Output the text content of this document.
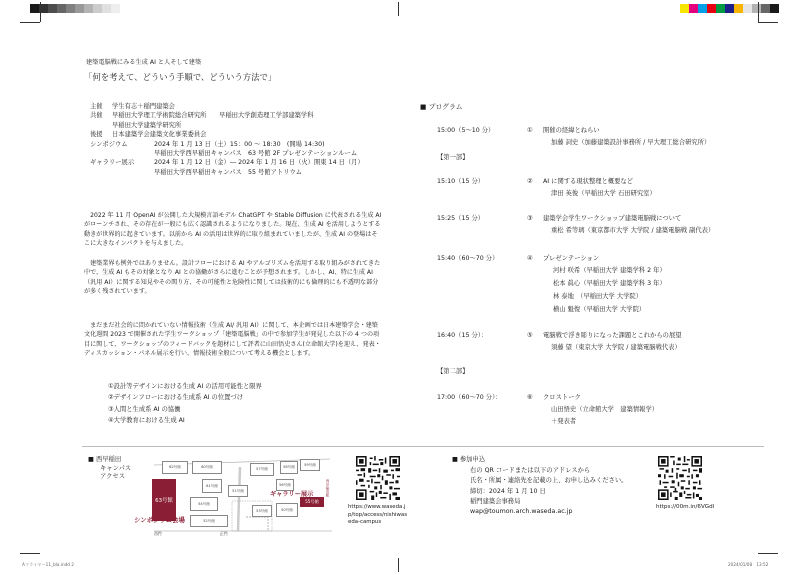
建築電脳戦にみる生成 AI と人そして建築
「何を考えて、どういう手順で、どういう方法で」
主催 学生有志＋稲門建築会
共催 早稲田大学理工学術院総合研究所　　早稲田大学創造理工学部建築学科
早稲田大学建築学研究所
後援 日本建築学会建築文化事業委員会
シンポジウム	2024 年 1 月 13 日（土）15：00 ～ 18:30　(開場 14:30)
早稲田大学西早稲田キャンパス　63 号館 2F プレゼンテーションルーム
ギャラリー展示	2024 年 1 月 12 日（金）― 2024 年 1 月 16 日（火）開東 14 日（月）
早稲田大学西早稲田キャンパス　55 号館アトリウム
　2022 年 11 月 OpenAI が公開した大規模言語モデル ChatGPT や Stable Diffusion に代表される生成 AI がローンチされ、その存在が一般にも広く認識されるようになりました。現在、生成 AI を活用しようとする動きが世界的に起きています。以前から AI の活用は世界的に取り組まれていましたが、生成 AI の登場はそこに大きなインパクトを与えました。
　建築業界も例外ではありません。設計フローにおける AI やアルゴリズムを活用する取り組みがされてきた中で、生成 AI もその対象となり AI との協働がさらに進むことが予想されます。しかし、AI、特に生成 AI（汎用 AI）に関する知見やその関り方、その可能性と危険性に関しては技術的にも倫理的にも不透明な部分が多く残されています。
　まだまだ社会的に問かれていない情報技術（生成 AI/ 汎用 AI）に関して、本企画では日本建築学会・建築文化週間 2023 で開催された学生ワークショップ「建築電脳戦」の中で参加学生が発見した以下の 4 つの項目に関して、ワークショップのフィードバックを題材にして評者に山田悟史さん(立命館大学)を迎え、発表・ディスカッション・パネル展示を行い、情報技術全般について考える機会とします。
①設計等デザインにおける生成 AI の活用可能性と限界
②デザインフローにおける生成系 AI の位置づけ
③人間と生成系 AI の協働
④大学教育における生成 AI
■ プログラム
15:00（5～10 分）	① 開催の経緯とねらい
加藤 詞史（加藤建築設計事務所 / 早大理工総合研究所）
【第一部】
15:10（15 分）	② AI に関する現状整理と概要など
津田 英俊（早稲田大学 石田研究室）
15:25（15 分）	③ 建築学会学生ワークショップ建築電脳戦について
重松 希等璃（東京都市大学 大学院 / 建築電脳戦 副代表）
15:40（60～70 分）	④ プレゼンテーション
河村 咲希（早稲田大学 建築学科 2 年）
松本 眞心（早稲田大学 建築学科 3 年）
林 泰地　（早稲田大学 大学院）
横山 魁復（早稲田大学 大学院）
16:40（15 分）：	⑤ 電脳戦で浮き彫りになった課題とこれからの展望
須藤 望（東京大学 大学院 / 建築電脳戦代表）
【第二部】
17:00（60～70 分）：	⑥ クロストーク
山田悟史（立命館大学　建築情報学）
＋発表者
■ 西早稲田
キャンパス
アクセス
62号館	60号館	57号館	58号館
59号館
61号館
54号館
51号館
52号館
56号館
53号館	50号館
63号館
シンポジウム会場
55号館
ギャラリー展示
正門
西門
西早稲田駅
https://www.waseda.jp/top/access/nishiwaseda-campus
■ 参加申込
右の QR コードまたは以下のアドレスから
氏名・所属・連絡先を記載の上、お申し込みください。
締切：2024 年 1 月 10 日
稲門建築会事務局
wap@toumon.arch.waseda.ac.jp
https://00m.in/6VGdl
Aフライヤー11_bla.indd 2	2024/01/08　13:52
